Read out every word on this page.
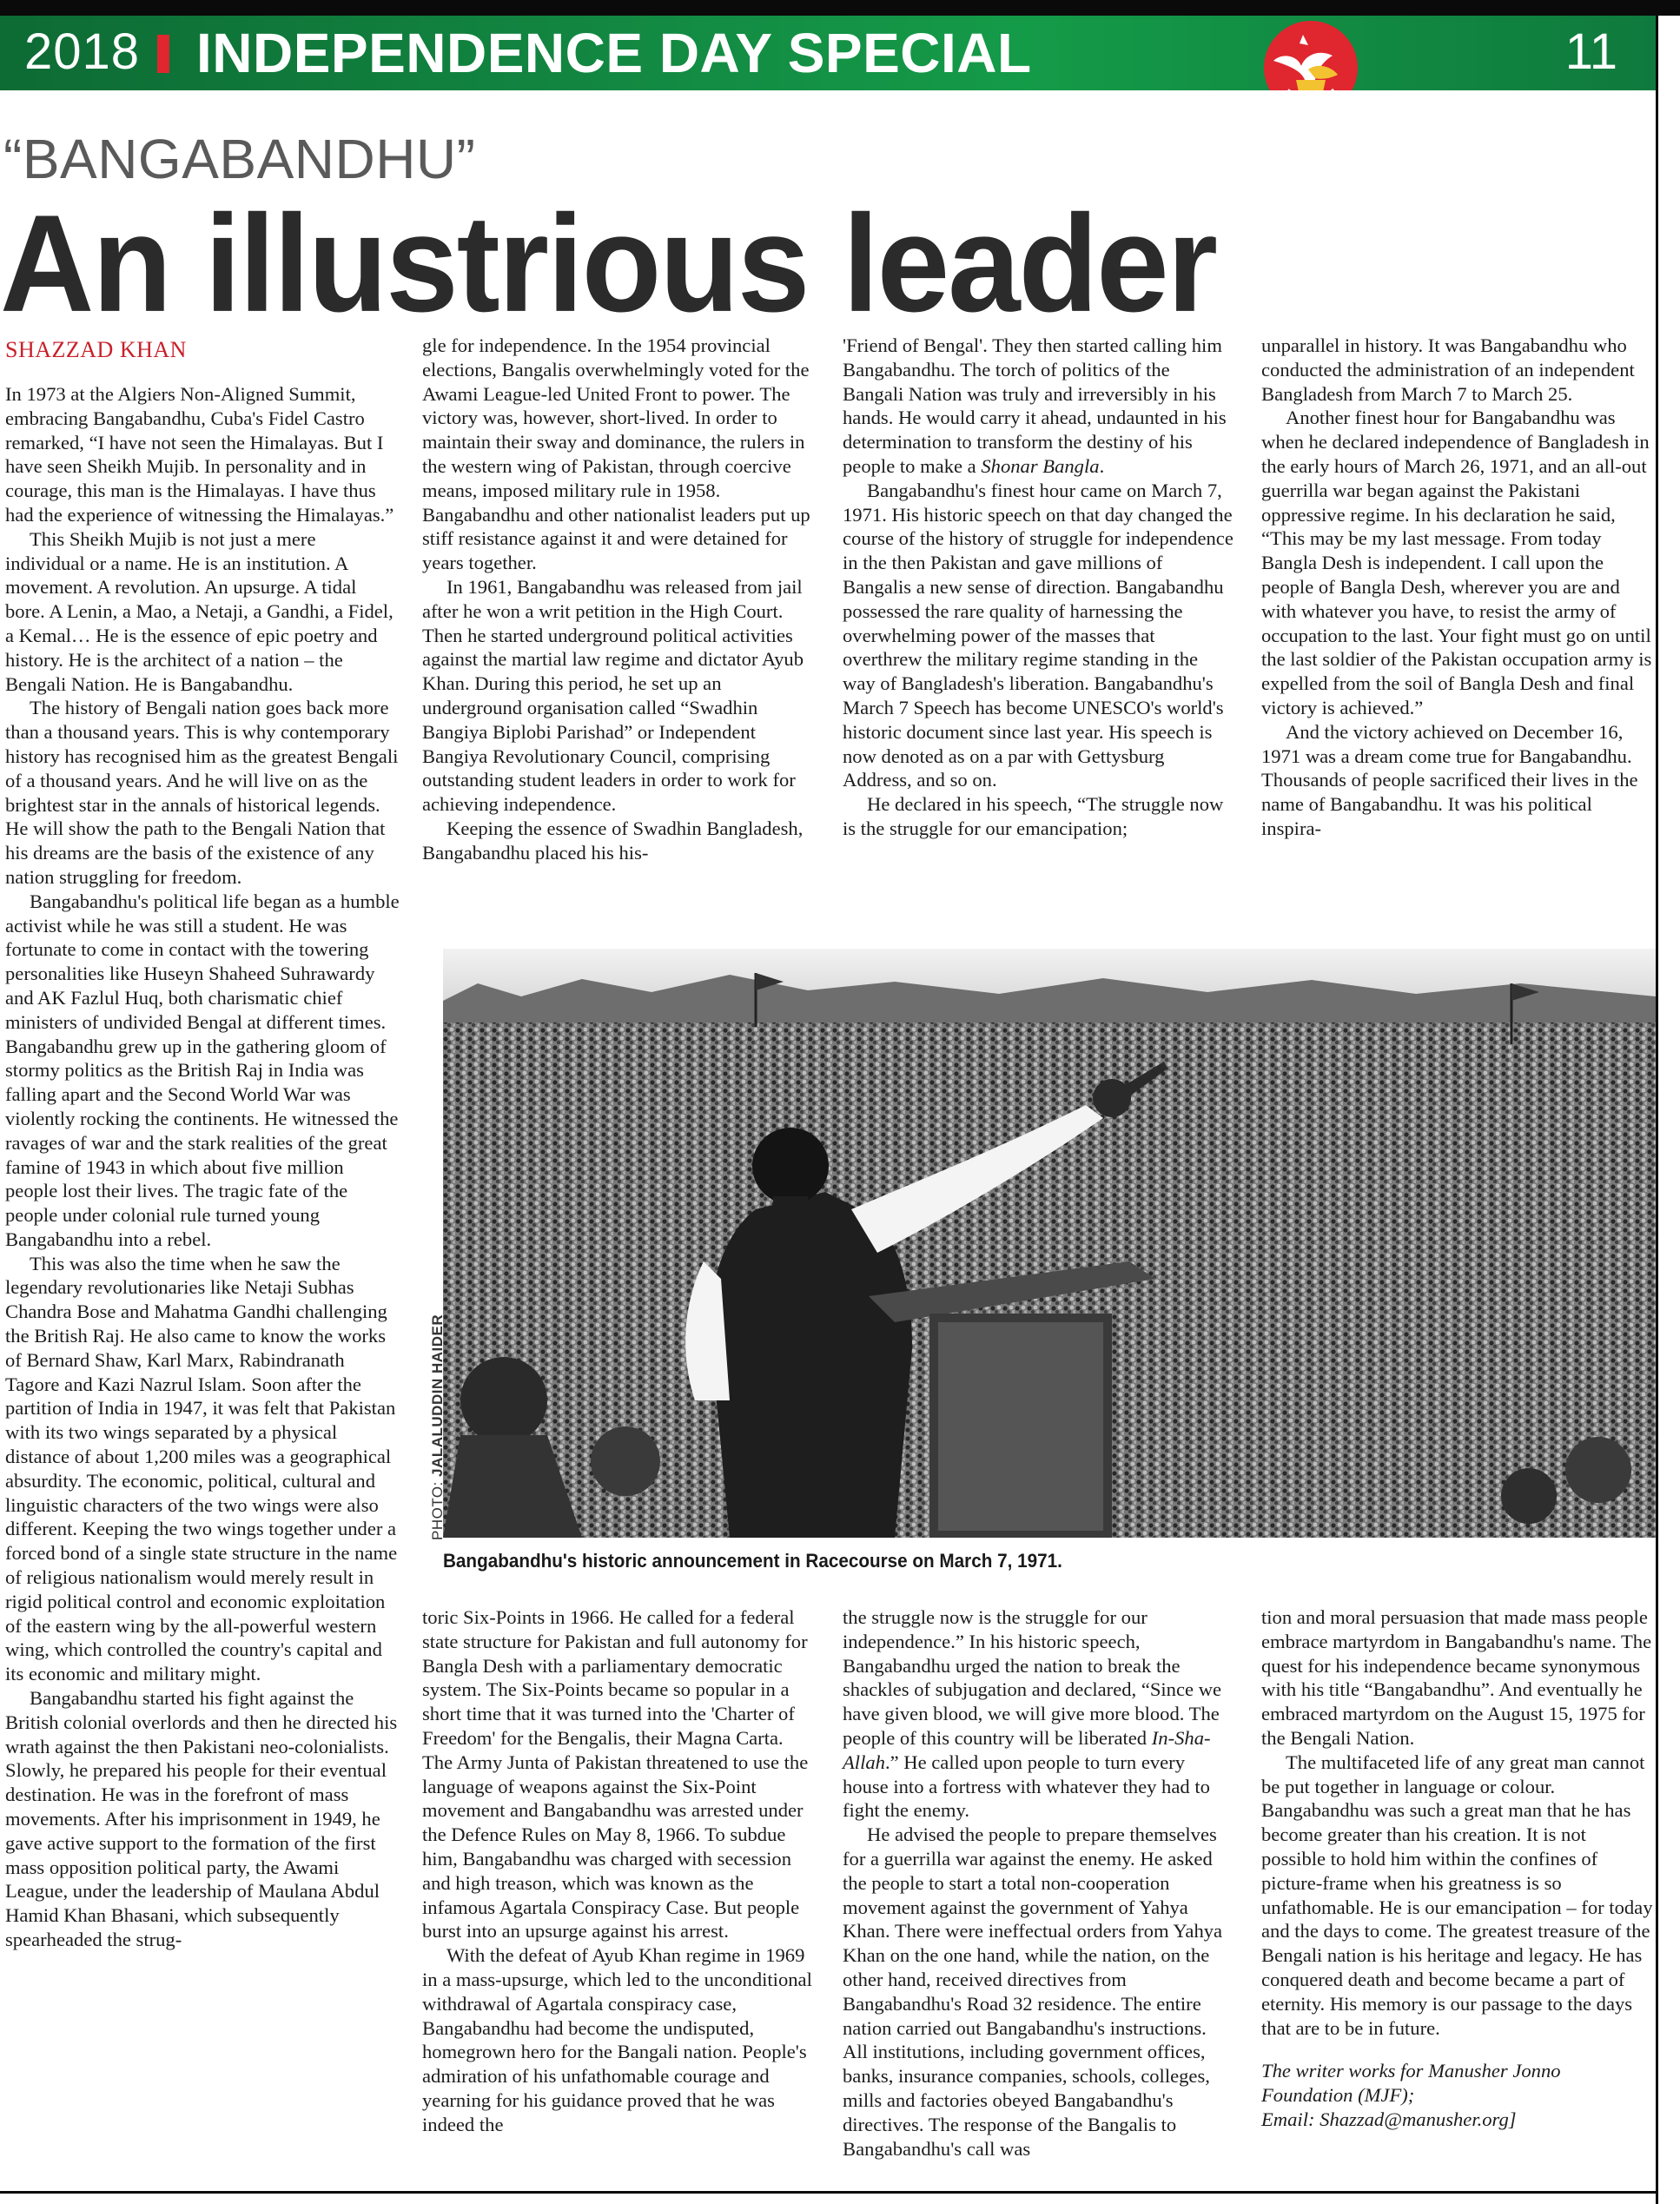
2018 INDEPENDENCE DAY SPECIAL	11
“BANGABANDHU”
An illustrious leader
SHAZZAD KHAN

In 1973 at the Algiers Non-Aligned Summit, embracing Bangabandhu, Cuba's Fidel Castro remarked, “I have not seen the Himalayas. But I have seen Sheikh Mujib. In personality and in courage, this man is the Himalayas. I have thus had the experience of witnessing the Himalayas.”

This Sheikh Mujib is not just a mere individual or a name. He is an institution. A movement. A revolution. An upsurge. A tidal bore. A Lenin, a Mao, a Netaji, a Gandhi, a Fidel, a Kemal… He is the essence of epic poetry and history. He is the architect of a nation – the Bengali Nation. He is Bangabandhu.

The history of Bengali nation goes back more than a thousand years. This is why contemporary history has recognised him as the greatest Bengali of a thousand years. And he will live on as the brightest star in the annals of historical legends. He will show the path to the Bengali Nation that his dreams are the basis of the existence of any nation struggling for freedom.

Bangabandhu's political life began as a humble activist while he was still a student. He was fortunate to come in contact with the towering personalities like Huseyn Shaheed Suhrawardy and AK Fazlul Huq, both charismatic chief ministers of undivided Bengal at different times. Bangabandhu grew up in the gathering gloom of stormy politics as the British Raj in India was falling apart and the Second World War was violently rocking the continents. He witnessed the ravages of war and the stark realities of the great famine of 1943 in which about five million people lost their lives. The tragic fate of the people under colonial rule turned young Bangabandhu into a rebel.

This was also the time when he saw the legendary revolutionaries like Netaji Subhas Chandra Bose and Mahatma Gandhi challenging the British Raj. He also came to know the works of Bernard Shaw, Karl Marx, Rabindranath Tagore and Kazi Nazrul Islam. Soon after the partition of India in 1947, it was felt that Pakistan with its two wings separated by a physical distance of about 1,200 miles was a geographical absurdity. The economic, political, cultural and linguistic characters of the two wings were also different. Keeping the two wings together under a forced bond of a single state structure in the name of religious nationalism would merely result in rigid political control and economic exploitation of the eastern wing by the all-powerful western wing, which controlled the country's capital and its economic and military might.

Bangabandhu started his fight against the British colonial overlords and then he directed his wrath against the then Pakistani neo-colonialists. Slowly, he prepared his people for their eventual destination. He was in the forefront of mass movements. After his imprisonment in 1949, he gave active support to the formation of the first mass opposition political party, the Awami League, under the leadership of Maulana Abdul Hamid Khan Bhasani, which subsequently spearheaded the strug-

gle for independence. In the 1954 provincial elections, Bangalis overwhelmingly voted for the Awami League-led United Front to power. The victory was, however, short-lived. In order to maintain their sway and dominance, the rulers in the western wing of Pakistan, through coercive means, imposed military rule in 1958. Bangabandhu and other nationalist leaders put up stiff resistance against it and were detained for years together.

In 1961, Bangabandhu was released from jail after he won a writ petition in the High Court. Then he started underground political activities against the martial law regime and dictator Ayub Khan. During this period, he set up an underground organisation called “Swadhin Bangiya Biplobi Parishad” or Independent Bangiya Revolutionary Council, comprising outstanding student leaders in order to work for achieving independence.

Keeping the essence of Swadhin Bangladesh, Bangabandhu placed his his-

'Friend of Bengal'. They then started calling him Bangabandhu. The torch of politics of the Bangali Nation was truly and irreversibly in his hands. He would carry it ahead, undaunted in his determination to transform the destiny of his people to make a Shonar Bangla.

Bangabandhu's finest hour came on March 7, 1971. His historic speech on that day changed the course of the history of struggle for independence in the then Pakistan and gave millions of Bangalis a new sense of direction. Bangabandhu possessed the rare quality of harnessing the overwhelming power of the masses that overthrew the military regime standing in the way of Bangladesh's liberation. Bangabandhu's March 7 Speech has become UNESCO's world's historic document since last year. His speech is now denoted as on a par with Gettysburg Address, and so on.

He declared in his speech, “The struggle now is the struggle for our emancipation;

unparallel in history. It was Bangabandhu who conducted the administration of an independent Bangladesh from March 7 to March 25.

Another finest hour for Bangabandhu was when he declared independence of Bangladesh in the early hours of March 26, 1971, and an all-out guerrilla war began against the Pakistani oppressive regime. In his declaration he said, “This may be my last message. From today Bangla Desh is independent. I call upon the people of Bangla Desh, wherever you are and with whatever you have, to resist the army of occupation to the last. Your fight must go on until the last soldier of the Pakistan occupation army is expelled from the soil of Bangla Desh and final victory is achieved.”

And the victory achieved on December 16, 1971 was a dream come true for Bangabandhu. Thousands of people sacrificed their lives in the name of Bangabandhu. It was his political inspira-

PHOTO: JALALUDDIN HAIDER
Bangabandhu's historic announcement in Racecourse on March 7, 1971.

toric Six-Points in 1966. He called for a federal state structure for Pakistan and full autonomy for Bangla Desh with a parliamentary democratic system. The Six-Points became so popular in a short time that it was turned into the 'Charter of Freedom' for the Bengalis, their Magna Carta. The Army Junta of Pakistan threatened to use the language of weapons against the Six-Point movement and Bangabandhu was arrested under the Defence Rules on May 8, 1966. To subdue him, Bangabandhu was charged with secession and high treason, which was known as the infamous Agartala Conspiracy Case. But people burst into an upsurge against his arrest.

With the defeat of Ayub Khan regime in 1969 in a mass-upsurge, which led to the unconditional withdrawal of Agartala conspiracy case, Bangabandhu had become the undisputed, homegrown hero for the Bangali nation. People's admiration of his unfathomable courage and yearning for his guidance proved that he was indeed the

the struggle now is the struggle for our independence.” In his historic speech, Bangabandhu urged the nation to break the shackles of subjugation and declared, “Since we have given blood, we will give more blood. The people of this country will be liberated In-Sha-Allah.” He called upon people to turn every house into a fortress with whatever they had to fight the enemy.

He advised the people to prepare themselves for a guerrilla war against the enemy. He asked the people to start a total non-cooperation movement against the government of Yahya Khan. There were ineffectual orders from Yahya Khan on the one hand, while the nation, on the other hand, received directives from Bangabandhu's Road 32 residence. The entire nation carried out Bangabandhu's instructions. All institutions, including government offices, banks, insurance companies, schools, colleges, mills and factories obeyed Bangabandhu's directives. The response of the Bangalis to Bangabandhu's call was

tion and moral persuasion that made mass people embrace martyrdom in Bangabandhu's name. The quest for his independence became synonymous with his title “Bangabandhu”. And eventually he embraced martyrdom on the August 15, 1975 for the Bengali Nation.

The multifaceted life of any great man cannot be put together in language or colour. Bangabandhu was such a great man that he has become greater than his creation. It is not possible to hold him within the confines of picture-frame when his greatness is so unfathomable. He is our emancipation – for today and the days to come. The greatest treasure of the Bengali nation is his heritage and legacy. He has conquered death and become became a part of eternity. His memory is our passage to the days that are to be in future.

The writer works for Manusher Jonno Foundation (MJF);
Email: Shazzad@manusher.org]
